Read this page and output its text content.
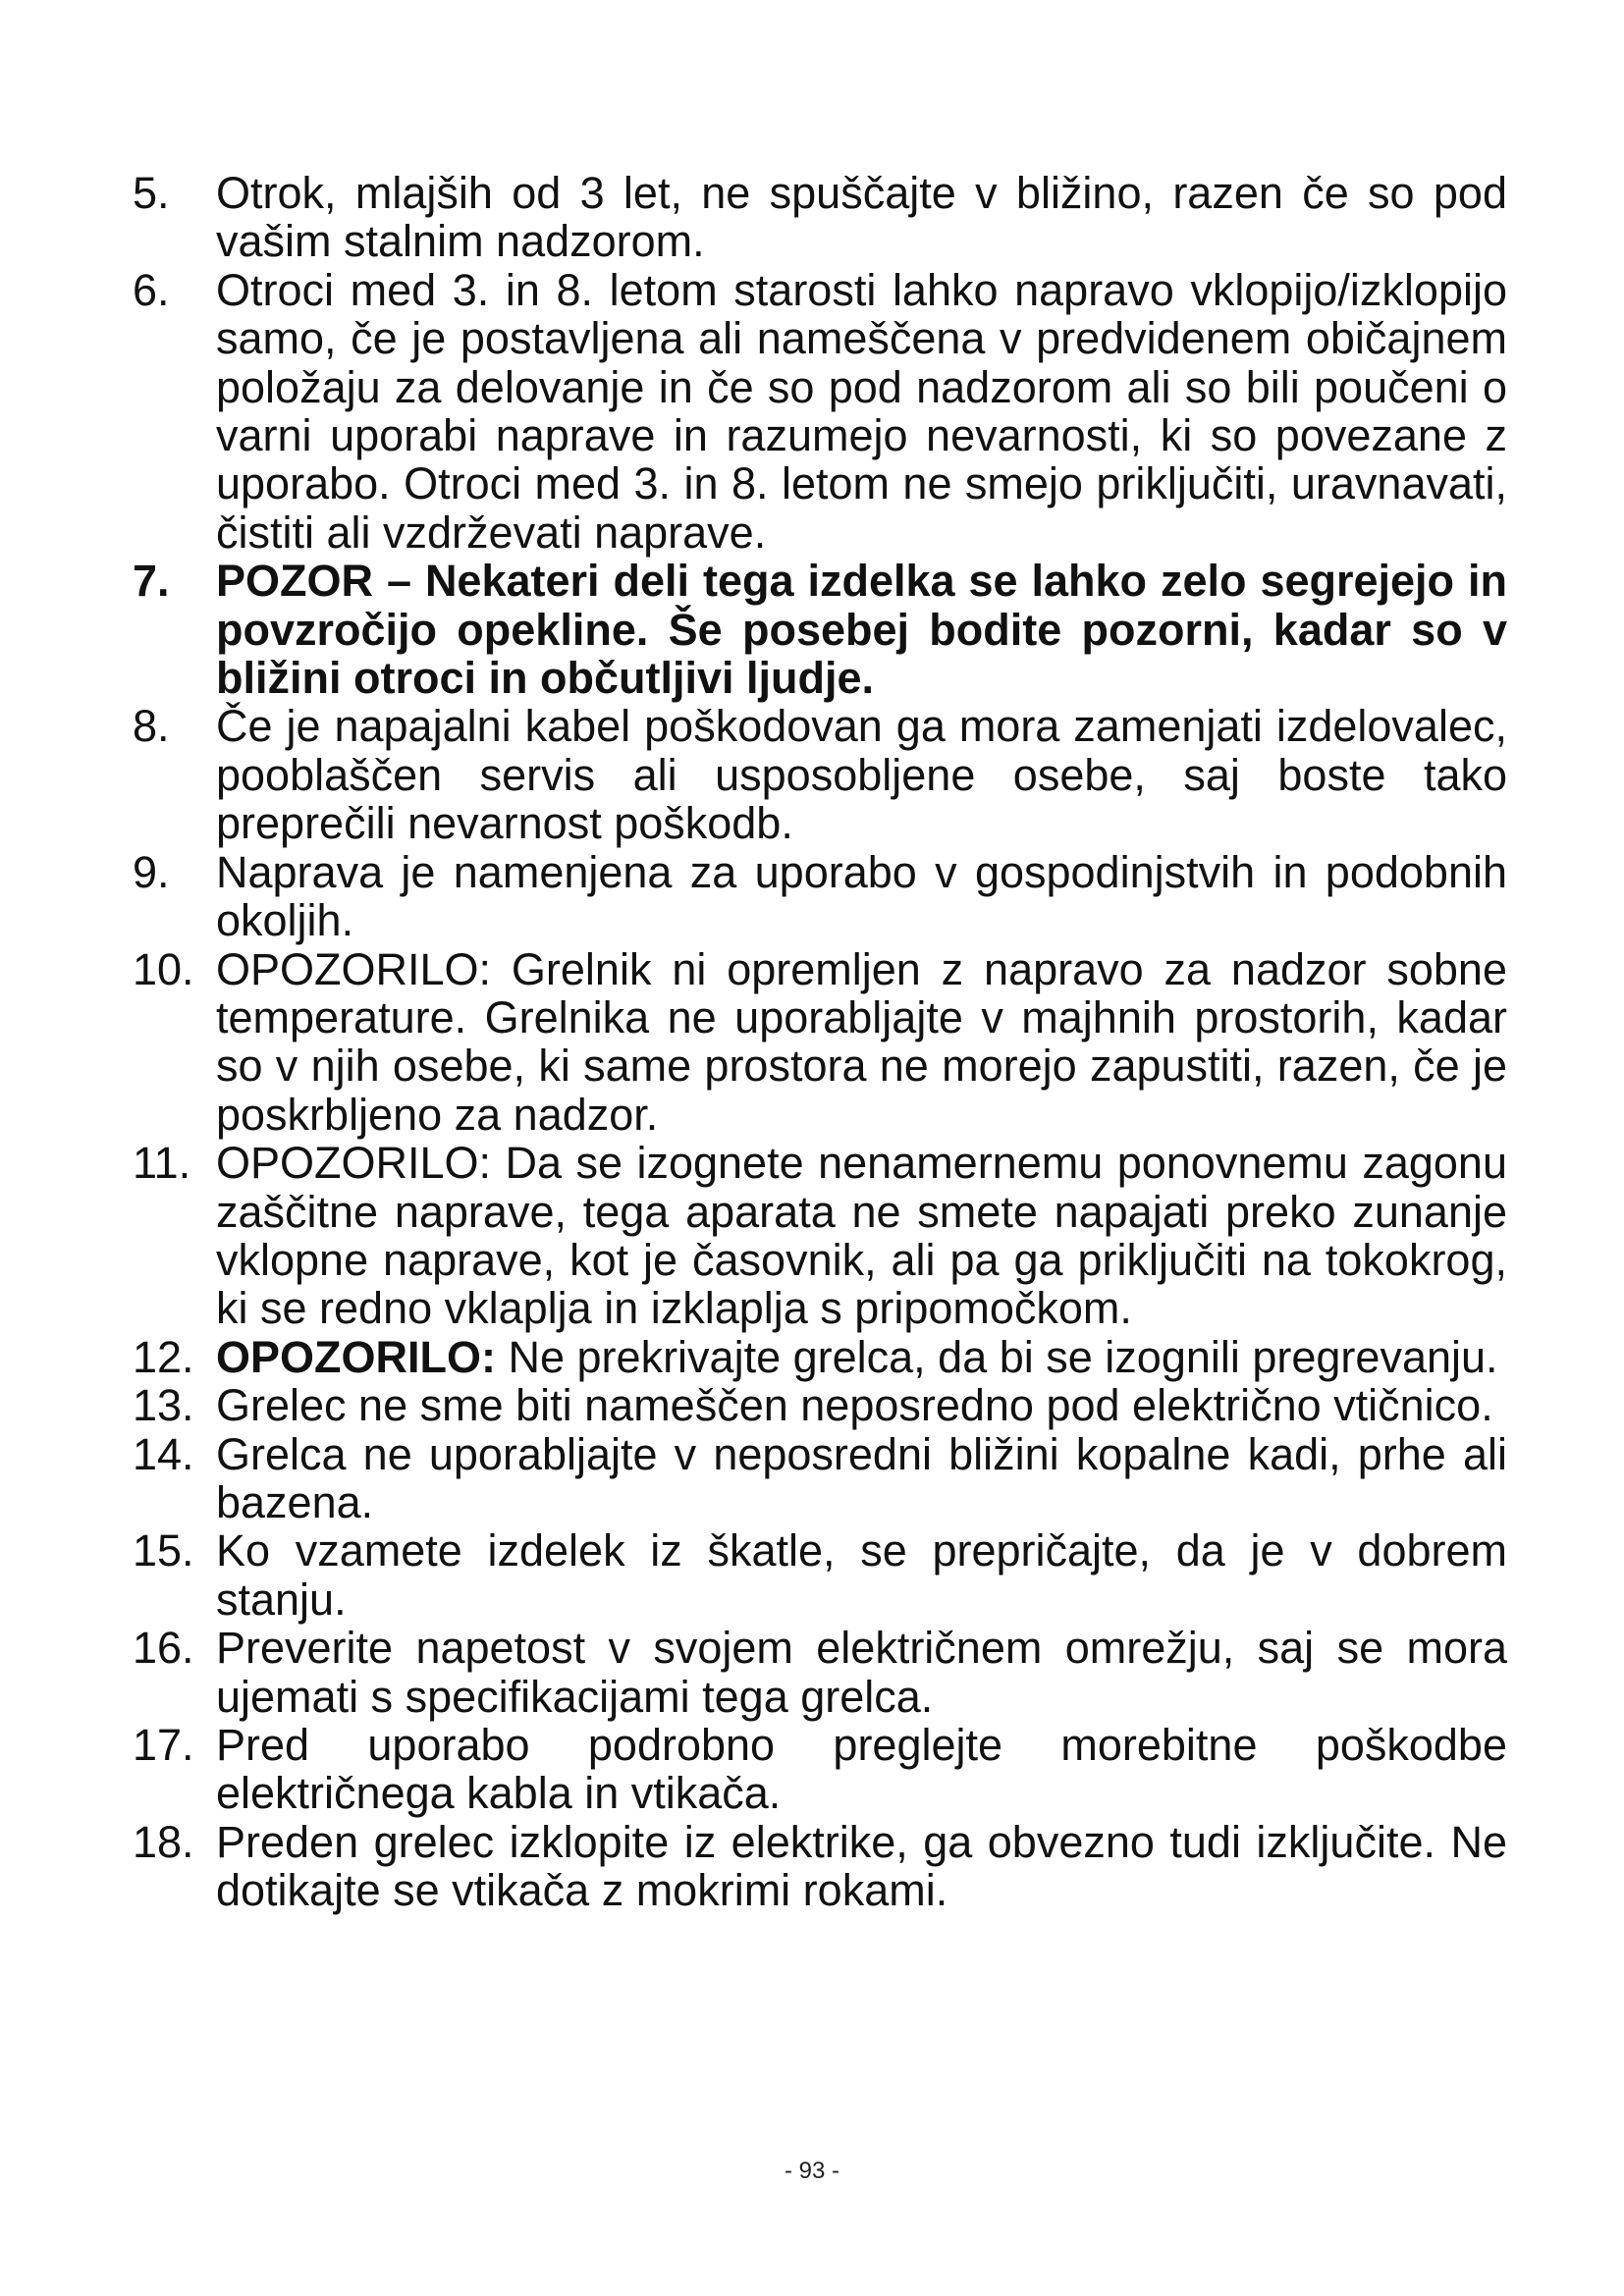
5.	Otrok, mlajših od 3 let, ne spuščajte v bližino, razen če so pod vašim stalnim nadzorom.
6.	Otroci med 3. in 8. letom starosti lahko napravo vklopijo/izklopijo samo, če je postavljena ali nameščena v predvidenem običajnem položaju za delovanje in če so pod nadzorom ali so bili poučeni o varni uporabi naprave in razumejo nevarnosti, ki so povezane z uporabo. Otroci med 3. in 8. letom ne smejo priključiti, uravnavati, čistiti ali vzdrževati naprave.
7.	POZOR – Nekateri deli tega izdelka se lahko zelo segrejejo in povzročijo opekline. Še posebej bodite pozorni, kadar so v bližini otroci in občutljivi ljudje.
8.	Če je napajalni kabel poškodovan ga mora zamenjati izdelovalec, pooblaščen servis ali usposobljene osebe, saj boste tako preprečili nevarnost poškodb.
9.	Naprava je namenjena za uporabo v gospodinjstvih in podobnih okoljih.
10. OPOZORILO: Grelnik ni opremljen z napravo za nadzor sobne temperature. Grelnika ne uporabljajte v majhnih prostorih, kadar so v njih osebe, ki same prostora ne morejo zapustiti, razen, če je poskrbljeno za nadzor.
11. OPOZORILO: Da se izognete nenamernemu ponovnemu zagonu zaščitne naprave, tega aparata ne smete napajati preko zunanje vklopne naprave, kot je časovnik, ali pa ga priključiti na tokokrog, ki se redno vklaplja in izklaplja s pripomočkom.
12. OPOZORILO: Ne prekrivajte grelca, da bi se izognili pregrevanju.
13. Grelec ne sme biti nameščen neposredno pod električno vtičnico.
14. Grelca ne uporabljajte v neposredni bližini kopalne kadi, prhe ali bazena.
15. Ko vzamete izdelek iz škatle, se prepričajte, da je v dobrem stanju.
16. Preverite napetost v svojem električnem omrežju, saj se mora ujemati s specifikacijami tega grelca.
17. Pred uporabo podrobno preglejte morebitne poškodbe električnega kabla in vtikača.
18. Preden grelec izklopite iz elektrike, ga obvezno tudi izključite. Ne dotikajte se vtikača z mokrimi rokami.
- 93 -
